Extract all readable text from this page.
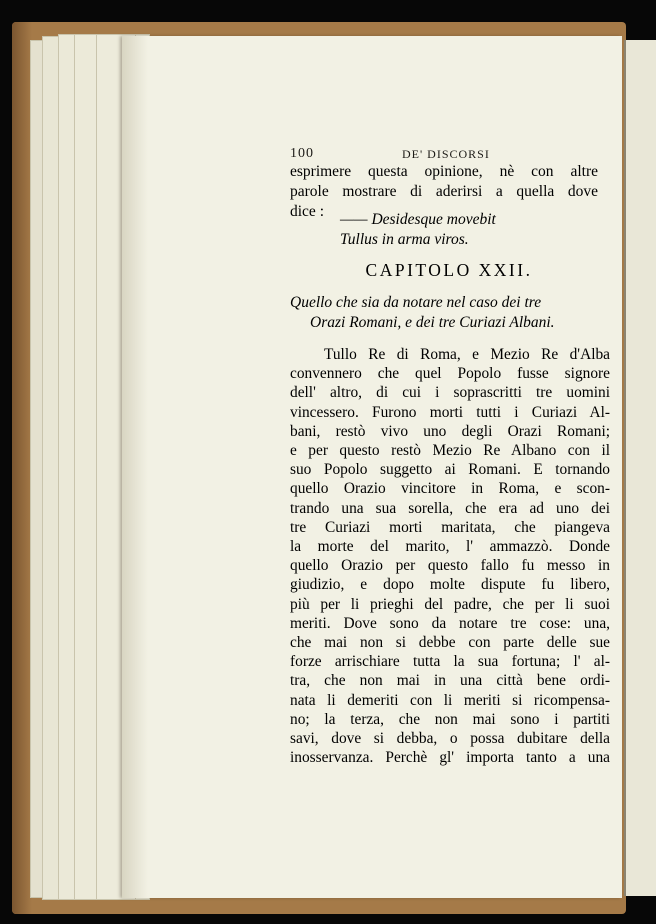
100	DE' DISCORSI
esprimere questa opinione, nè con altre
parole mostrare di aderirsi a quella dove
dice :	—— Desidesque movebit
Tullus in arma viros.
CAPITOLO XXII.
Quello che sia da notare nel caso dei tre
Orazi Romani, e dei tre Curiazi Albani.
Tullo Re di Roma, e Mezio Re d'Alba
convennero che quel Popolo fusse signore
dell' altro, di cui i soprascritti tre uomini
vincessero. Furono morti tutti i Curiazi Al-
bani, restò vivo uno degli Orazi Romani;
e per questo restò Mezio Re Albano con il
suo Popolo suggetto ai Romani. E tornando
quello Orazio vincitore in Roma, e scon-
trando una sua sorella, che era ad uno dei
tre Curiazi morti maritata, che piangeva
la morte del marito, l' ammazzò. Donde
quello Orazio per questo fallo fu messo in
giudizio, e dopo molte dispute fu libero,
più per li prieghi del padre, che per li suoi
meriti. Dove sono da notare tre cose: una,
che mai non si debbe con parte delle sue
forze arrischiare tutta la sua fortuna; l' al-
tra, che non mai in una città bene ordi-
nata li demeriti con li meriti si ricompensa-
no; la terza, che non mai sono i partiti
savi, dove si debba, o possa dubitare della
inosservanza. Perchè gl' importa tanto a una
